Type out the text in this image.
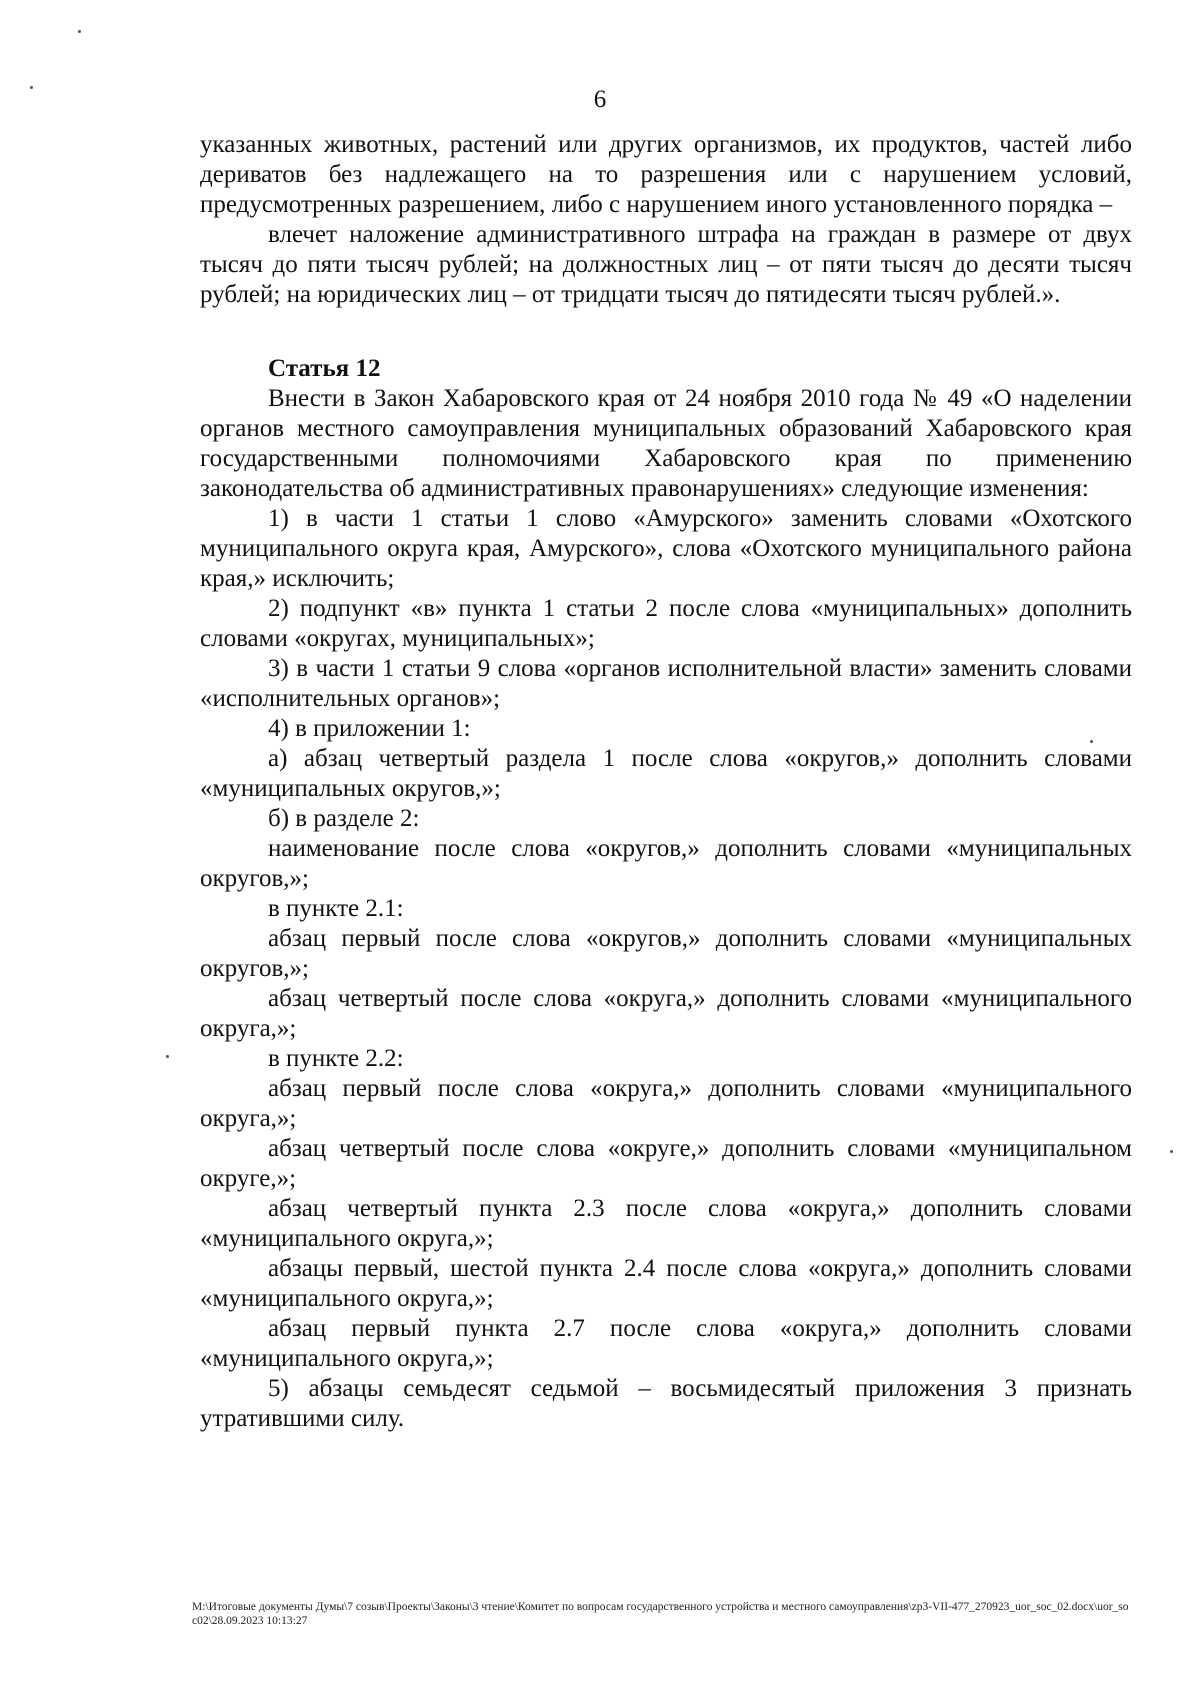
6

указанных животных, растений или других организмов, их продуктов, частей либо дериватов без надлежащего на то разрешения или с нарушением условий, предусмотренных разрешением, либо с нарушением иного установленного порядка –

влечет наложение административного штрафа на граждан в размере от двух тысяч до пяти тысяч рублей; на должностных лиц – от пяти тысяч до десяти тысяч рублей; на юридических лиц – от тридцати тысяч до пятидесяти тысяч рублей.».

Статья 12

Внести в Закон Хабаровского края от 24 ноября 2010 года № 49 «О наделении органов местного самоуправления муниципальных образований Хабаровского края государственными полномочиями Хабаровского края по применению законодательства об административных правонарушениях» следующие изменения:

1) в части 1 статьи 1 слово «Амурского» заменить словами «Охотского муниципального округа края, Амурского», слова «Охотского муниципального района края,» исключить;

2) подпункт «в» пункта 1 статьи 2 после слова «муниципальных» дополнить словами «округах, муниципальных»;

3) в части 1 статьи 9 слова «органов исполнительной власти» заменить словами «исполнительных органов»;

4) в приложении 1:

а) абзац четвертый раздела 1 после слова «округов,» дополнить словами «муниципальных округов,»;

б) в разделе 2:

наименование после слова «округов,» дополнить словами «муниципальных округов,»;

в пункте 2.1:

абзац первый после слова «округов,» дополнить словами «муниципальных округов,»;

абзац четвертый после слова «округа,» дополнить словами «муниципального округа,»;

в пункте 2.2:

абзац первый после слова «округа,» дополнить словами «муниципального округа,»;

абзац четвертый после слова «округе,» дополнить словами «муниципальном округе,»;

абзац четвертый пункта 2.3 после слова «округа,» дополнить словами «муниципального округа,»;

абзацы первый, шестой пункта 2.4 после слова «округа,» дополнить словами «муниципального округа,»;

абзац первый пункта 2.7 после слова «округа,» дополнить словами «муниципального округа,»;

5) абзацы семьдесят седьмой – восьмидесятый приложения 3 признать утратившими силу.

M:\Итоговые документы Думы\7 созыв\Проекты\Законы\3 чтение\Комитет по вопросам государственного устройства и местного самоуправления\zp3-VII-477_270923_uor_soc_02.docx\uor_soc02\28.09.2023 10:13:27
